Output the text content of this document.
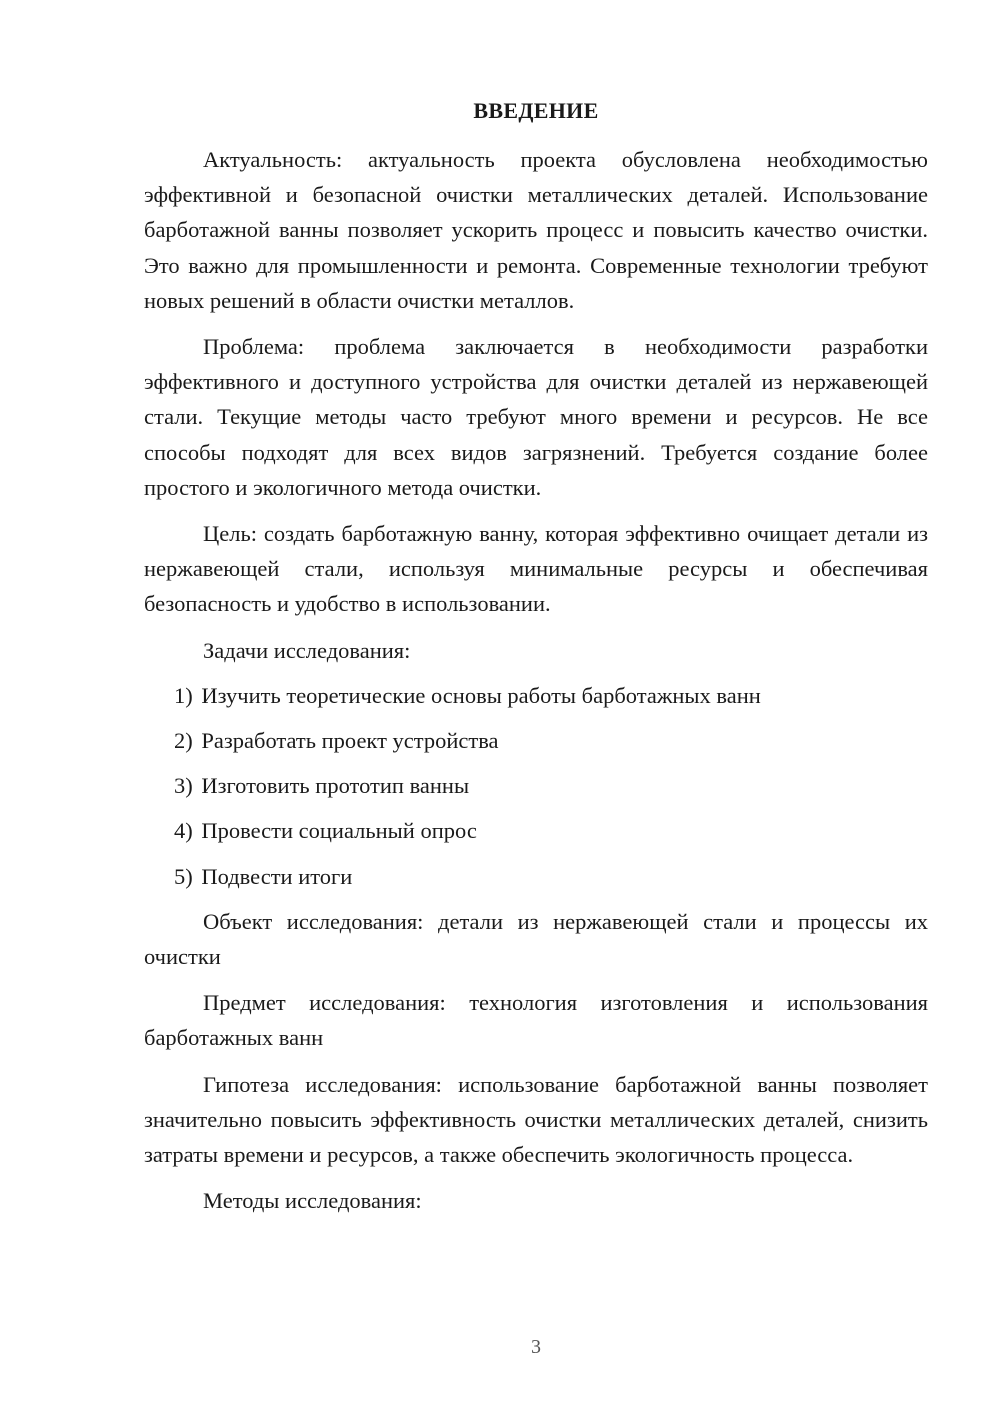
ВВЕДЕНИЕ

Актуальность: актуальность проекта обусловлена необходимостью эффективной и безопасной очистки металлических деталей. Использование барботажной ванны позволяет ускорить процесс и повысить качество очистки. Это важно для промышленности и ремонта. Современные технологии требуют новых решений в области очистки металлов.

Проблема: проблема заключается в необходимости разработки эффективного и доступного устройства для очистки деталей из нержавеющей стали. Текущие методы часто требуют много времени и ресурсов. Не все способы подходят для всех видов загрязнений. Требуется создание более простого и экологичного метода очистки.

Цель: создать барботажную ванну, которая эффективно очищает детали из нержавеющей стали, используя минимальные ресурсы и обеспечивая безопасность и удобство в использовании.

Задачи исследования:

1) Изучить теоретические основы работы барботажных ванн

2) Разработать проект устройства

3) Изготовить прототип ванны

4) Провести социальный опрос

5) Подвести итоги

Объект исследования: детали из нержавеющей стали и процессы их очистки

Предмет исследования: технология изготовления и использования барботажных ванн

Гипотеза исследования: использование барботажной ванны позволяет значительно повысить эффективность очистки металлических деталей, снизить затраты времени и ресурсов, а также обеспечить экологичность процесса.

Методы исследования:

3
